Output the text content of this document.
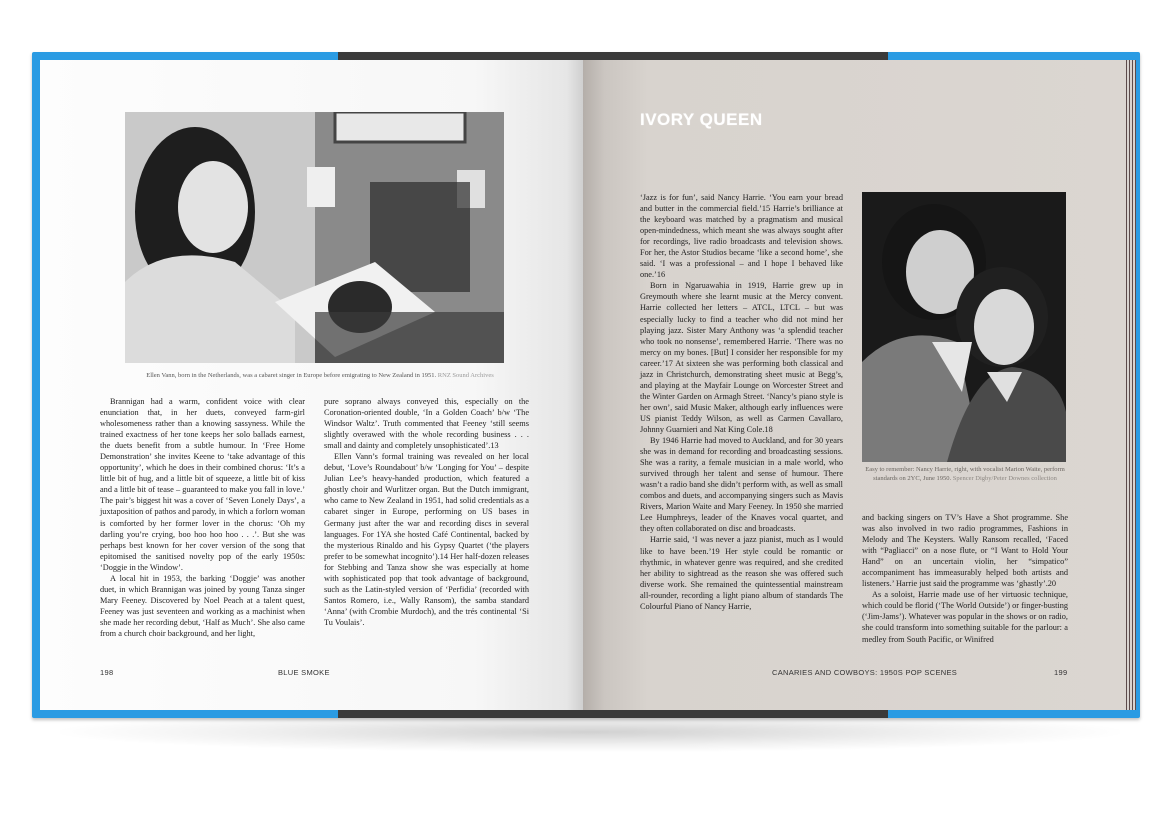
Ellen Vann, born in the Netherlands, was a cabaret singer in Europe before emigrating to New Zealand in 1951. RNZ Sound Archives

Brannigan had a warm, confident voice with clear enunciation that, in her duets, conveyed farm-girl wholesomeness rather than a knowing sassyness. While the trained exactness of her tone keeps her solo ballads earnest, the duets benefit from a subtle humour. In ‘Free Home Demonstration’ she invites Keene to ‘take advantage of this opportunity’, which he does in their combined chorus: ‘It’s a little bit of hug, and a little bit of squeeze, a little bit of kiss and a little bit of tease – guaranteed to make you fall in love.’ The pair’s biggest hit was a cover of ‘Seven Lonely Days’, a juxtaposition of pathos and parody, in which a forlorn woman is comforted by her former lover in the chorus: ‘Oh my darling you’re crying, boo hoo hoo hoo . . .’. But she was perhaps best known for her cover version of the song that epitomised the sanitised novelty pop of the early 1950s: ‘Doggie in the Window’.

A local hit in 1953, the barking ‘Doggie’ was another duet, in which Brannigan was joined by young Tanza singer Mary Feeney. Discovered by Noel Peach at a talent quest, Feeney was just seventeen and working as a machinist when she made her recording debut, ‘Half as Much’. She also came from a church choir background, and her light,

pure soprano always conveyed this, especially on the Coronation-oriented double, ‘In a Golden Coach’ b/w ‘The Windsor Waltz’. Truth commented that Feeney ‘still seems slightly overawed with the whole recording business . . . small and dainty and completely unsophisticated’.13

Ellen Vann’s formal training was revealed on her local debut, ‘Love’s Roundabout’ b/w ‘Longing for You’ – despite Julian Lee’s heavy-handed production, which featured a ghostly choir and Wurlitzer organ. But the Dutch immigrant, who came to New Zealand in 1951, had solid credentials as a cabaret singer in Europe, performing on US bases in Germany just after the war and recording discs in several languages. For 1YA she hosted Café Continental, backed by the mysterious Rinaldo and his Gypsy Quartet (‘the players prefer to be somewhat incognito’).14 Her half-dozen releases for Stebbing and Tanza show she was especially at home with sophisticated pop that took advantage of background, such as the Latin-styled version of ‘Perfidia’ (recorded with Santos Romero, i.e., Wally Ransom), the samba standard ‘Anna’ (with Crombie Murdoch), and the trés continental ‘Si Tu Voulais’.

198	BLUE SMOKE
IVORY QUEEN

‘Jazz is for fun’, said Nancy Harrie. ‘You earn your bread and butter in the commercial field.’15 Harrie’s brilliance at the keyboard was matched by a pragmatism and musical open-mindedness, which meant she was always sought after for recordings, live radio broadcasts and television shows. For her, the Astor Studios became ‘like a second home’, she said. ‘I was a professional – and I hope I behaved like one.’16

Born in Ngaruawahia in 1919, Harrie grew up in Greymouth where she learnt music at the Mercy convent. Harrie collected her letters – ATCL, LTCL – but was especially lucky to find a teacher who did not mind her playing jazz. Sister Mary Anthony was ‘a splendid teacher who took no nonsense’, remembered Harrie. ‘There was no mercy on my bones. [But] I consider her responsible for my career.’17 At sixteen she was performing both classical and jazz in Christchurch, demonstrating sheet music at Begg’s, and playing at the Mayfair Lounge on Worcester Street and the Winter Garden on Armagh Street. ‘Nancy’s piano style is her own’, said Music Maker, although early influences were US pianist Teddy Wilson, as well as Carmen Cavallaro, Johnny Guarnieri and Nat King Cole.18

By 1946 Harrie had moved to Auckland, and for 30 years she was in demand for recording and broadcasting sessions. She was a rarity, a female musician in a male world, who survived through her talent and sense of humour. There wasn’t a radio band she didn’t perform with, as well as small combos and duets, and accompanying singers such as Mavis Rivers, Marion Waite and Mary Feeney. In 1950 she married Lee Humphreys, leader of the Knaves vocal quartet, and they often collaborated on disc and broadcasts.

Harrie said, ‘I was never a jazz pianist, much as I would like to have been.’19 Her style could be romantic or rhythmic, in whatever genre was required, and she credited her ability to sightread as the reason she was offered such diverse work. She remained the quintessential mainstream all-rounder, recording a light piano album of standards The Colourful Piano of Nancy Harrie,

Easy to remember: Nancy Harrie, right, with vocalist Marion Waite, perform standards on 2YC, June 1950. Spencer Digby/Peter Downes collection

and backing singers on TV’s Have a Shot programme. She was also involved in two radio programmes, Fashions in Melody and The Keysters. Wally Ransom recalled, ‘Faced with “Pagliacci” on a nose flute, or “I Want to Hold Your Hand” on an uncertain violin, her “simpatico” accompaniment has immeasurably helped both artists and listeners.’ Harrie just said the programme was ‘ghastly’.20

As a soloist, Harrie made use of her virtuosic technique, which could be florid (‘The World Outside’) or finger-busting (‘Jim-Jams’). Whatever was popular in the shows or on radio, she could transform into something suitable for the parlour: a medley from South Pacific, or Winifred

CANARIES AND COWBOYS: 1950S POP SCENES	199
